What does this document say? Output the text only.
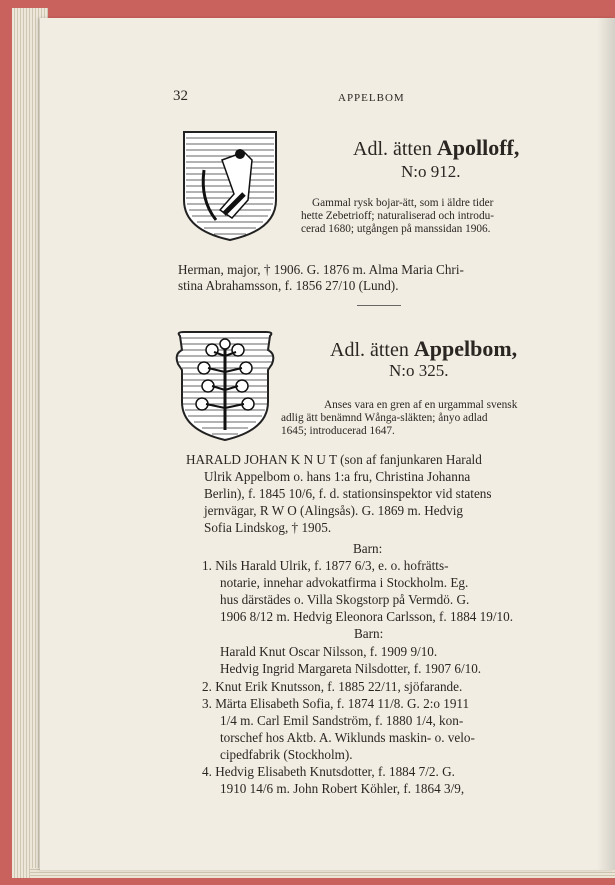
32	APPELBOM
Adl. ätten Apolloff,
N:o 912.
Gammal rysk bojar-ätt, som i äldre tider
hette Zebetrioff; naturaliserad och introdu-
cerad 1680; utgången på manssidan 1906.
Herman, major, † 1906. G. 1876 m. Alma Maria Chri-
stina Abrahamsson, f. 1856 27/10 (Lund).
Adl. ätten Appelbom,
N:o 325.
Anses vara en gren af en urgammal svensk
adlig ätt benämnd Wånga-släkten; ånyo adlad
1645; introducerad 1647.
HARALD JOHAN K N U T (son af fanjunkaren Harald
Ulrik Appelbom o. hans 1:a fru, Christina Johanna
Berlin), f. 1845 10/6, f. d. stationsinspektor vid statens
jernvägar, R W O (Alingsås). G. 1869 m. Hedvig
Sofia Lindskog, † 1905.
Barn:
1. Nils Harald Ulrik, f. 1877 6/3, e. o. hofrätts-
notarie, innehar advokatfirma i Stockholm. Eg.
hus därstädes o. Villa Skogstorp på Vermdö. G.
1906 8/12 m. Hedvig Eleonora Carlsson, f. 1884 19/10.
Barn:
Harald Knut Oscar Nilsson, f. 1909 9/10.
Hedvig Ingrid Margareta Nilsdotter, f. 1907 6/10.
2. Knut Erik Knutsson, f. 1885 22/11, sjöfarande.
3. Märta Elisabeth Sofia, f. 1874 11/8. G. 2:o 1911
1/4 m. Carl Emil Sandström, f. 1880 1/4, kon-
torschef hos Aktb. A. Wiklunds maskin- o. velo-
cipedfabrik (Stockholm).
4. Hedvig Elisabeth Knutsdotter, f. 1884 7/2. G.
1910 14/6 m. John Robert Köhler, f. 1864 3/9,
